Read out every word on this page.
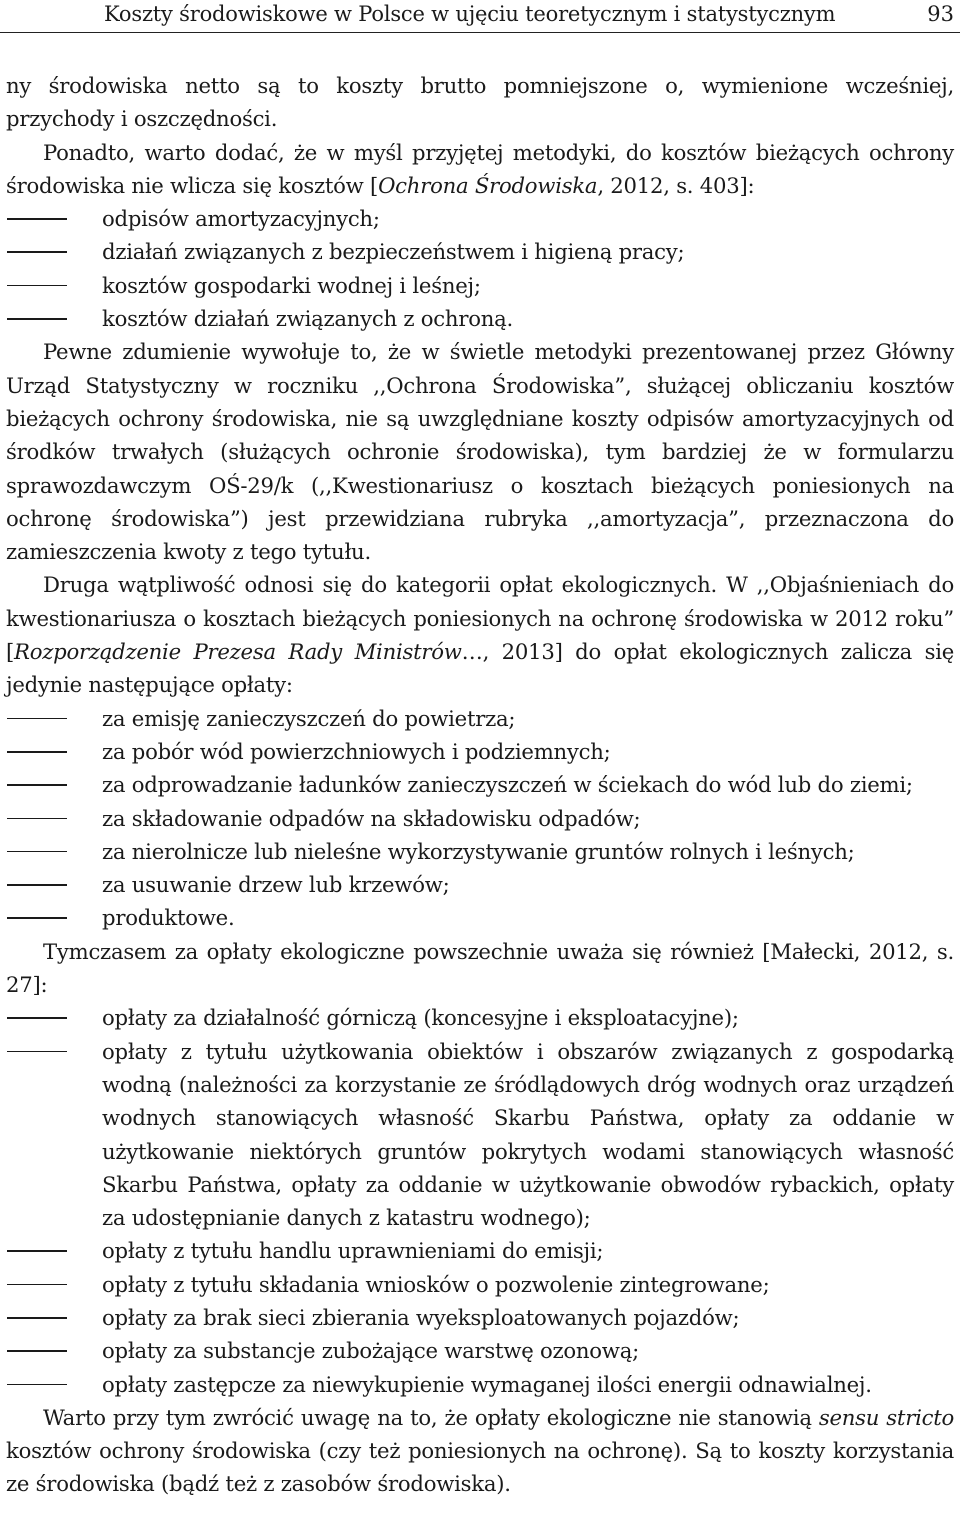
Koszty środowiskowe w Polsce w ujęciu teoretycznym i statystycznym	93

ny środowiska netto są to koszty brutto pomniejszone o, wymienione wcześniej, przychody i oszczędności.

Ponadto, warto dodać, że w myśl przyjętej metodyki, do kosztów bieżących ochrony środowiska nie wlicza się kosztów [Ochrona Środowiska, 2012, s. 403]:

odpisów amortyzacyjnych;
działań związanych z bezpieczeństwem i higieną pracy;
kosztów gospodarki wodnej i leśnej;
kosztów działań związanych z ochroną.

Pewne zdumienie wywołuje to, że w świetle metodyki prezentowanej przez Główny Urząd Statystyczny w roczniku ,,Ochrona Środowiska”, służącej obliczaniu kosztów bieżących ochrony środowiska, nie są uwzględniane koszty odpisów amortyzacyjnych od środków trwałych (służących ochronie środowiska), tym bardziej że w formularzu sprawozdawczym OŚ-29/k (,,Kwestionariusz o kosztach bieżących poniesionych na ochronę środowiska”) jest przewidziana rubryka ,,amortyzacja”, przeznaczona do zamieszczenia kwoty z tego tytułu.

Druga wątpliwość odnosi się do kategorii opłat ekologicznych. W ,,Objaśnieniach do kwestionariusza o kosztach bieżących poniesionych na ochronę środowiska w 2012 roku” [Rozporządzenie Prezesa Rady Ministrów…, 2013] do opłat ekologicznych zalicza się jedynie następujące opłaty:

za emisję zanieczyszczeń do powietrza;
za pobór wód powierzchniowych i podziemnych;
za odprowadzanie ładunków zanieczyszczeń w ściekach do wód lub do ziemi;
za składowanie odpadów na składowisku odpadów;
za nierolnicze lub nieleśne wykorzystywanie gruntów rolnych i leśnych;
za usuwanie drzew lub krzewów;
produktowe.

Tymczasem za opłaty ekologiczne powszechnie uważa się również [Małecki, 2012, s. 27]:

opłaty za działalność górniczą (koncesyjne i eksploatacyjne);
opłaty z tytułu użytkowania obiektów i obszarów związanych z gospodarką wodną (należności za korzystanie ze śródlądowych dróg wodnych oraz urządzeń wodnych stanowiących własność Skarbu Państwa, opłaty za oddanie w użytkowanie niektórych gruntów pokrytych wodami stanowiących własność Skarbu Państwa, opłaty za oddanie w użytkowanie obwodów rybackich, opłaty za udostępnianie danych z katastru wodnego);
opłaty z tytułu handlu uprawnieniami do emisji;
opłaty z tytułu składania wniosków o pozwolenie zintegrowane;
opłaty za brak sieci zbierania wyeksploatowanych pojazdów;
opłaty za substancje zubożające warstwę ozonową;
opłaty zastępcze za niewykupienie wymaganej ilości energii odnawialnej.

Warto przy tym zwrócić uwagę na to, że opłaty ekologiczne nie stanowią sensu stricto kosztów ochrony środowiska (czy też poniesionych na ochronę). Są to koszty korzystania ze środowiska (bądź też z zasobów środowiska).
